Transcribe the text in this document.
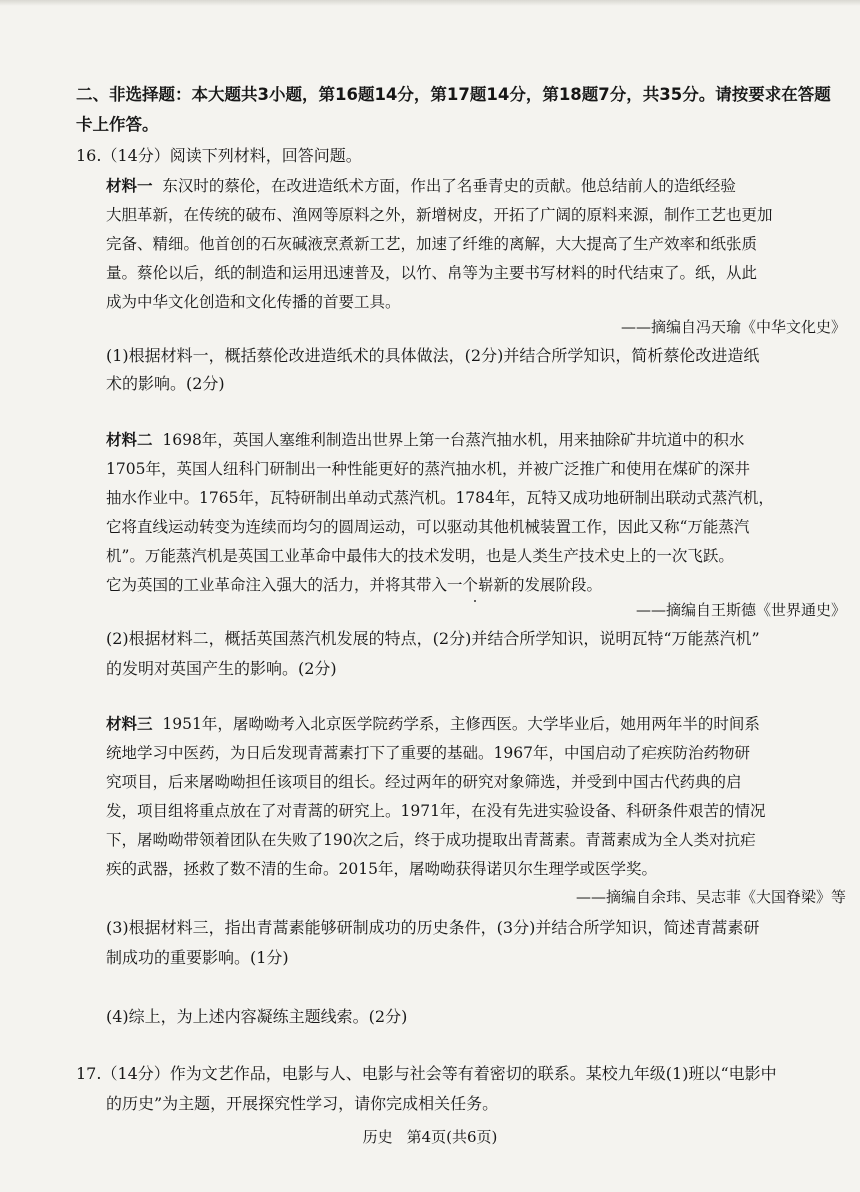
二、非选择题：本大题共3小题，第16题14分，第17题14分，第18题7分，共35分。请按要求在答题卡上作答。
16.（14分）阅读下列材料，回答问题。
材料一 东汉时的蔡伦，在改进造纸术方面，作出了名垂青史的贡献。他总结前人的造纸经验
大胆革新，在传统的破布、渔网等原料之外，新增树皮，开拓了广阔的原料来源，制作工艺也更加
完备、精细。他首创的石灰碱液烹煮新工艺，加速了纤维的离解，大大提高了生产效率和纸张质
量。蔡伦以后，纸的制造和运用迅速普及，以竹、帛等为主要书写材料的时代结束了。纸，从此
成为中华文化创造和文化传播的首要工具。
——摘编自冯天瑜《中华文化史》
(1)根据材料一，概括蔡伦改进造纸术的具体做法，(2分)并结合所学知识，简析蔡伦改进造纸
术的影响。(2分)
材料二 1698年，英国人塞维利制造出世界上第一台蒸汽抽水机，用来抽除矿井坑道中的积水
1705年，英国人纽科门研制出一种性能更好的蒸汽抽水机，并被广泛推广和使用在煤矿的深井
抽水作业中。1765年，瓦特研制出单动式蒸汽机。1784年，瓦特又成功地研制出联动式蒸汽机，
它将直线运动转变为连续而均匀的圆周运动，可以驱动其他机械装置工作，因此又称“万能蒸汽
机”。万能蒸汽机是英国工业革命中最伟大的技术发明，也是人类生产技术史上的一次飞跃。
它为英国的工业革命注入强大的活力，并将其带入一个崭新的发展阶段。
——摘编自王斯德《世界通史》
(2)根据材料二，概括英国蒸汽机发展的特点，(2分)并结合所学知识，说明瓦特“万能蒸汽机”
的发明对英国产生的影响。(2分)
材料三 1951年，屠呦呦考入北京医学院药学系，主修西医。大学毕业后，她用两年半的时间系
统地学习中医药，为日后发现青蒿素打下了重要的基础。1967年，中国启动了疟疾防治药物研
究项目，后来屠呦呦担任该项目的组长。经过两年的研究对象筛选，并受到中国古代药典的启
发，项目组将重点放在了对青蒿的研究上。1971年，在没有先进实验设备、科研条件艰苦的情况
下，屠呦呦带领着团队在失败了190次之后，终于成功提取出青蒿素。青蒿素成为全人类对抗疟
疾的武器，拯救了数不清的生命。2015年，屠呦呦获得诺贝尔生理学或医学奖。
——摘编自余玮、吴志菲《大国脊梁》等
(3)根据材料三，指出青蒿素能够研制成功的历史条件，(3分)并结合所学知识，简述青蒿素研
制成功的重要影响。(1分)
(4)综上，为上述内容凝练主题线索。(2分)
17.（14分）作为文艺作品，电影与人、电影与社会等有着密切的联系。某校九年级(1)班以“电影中
的历史”为主题，开展探究性学习，请你完成相关任务。
历史 第4页(共6页)
